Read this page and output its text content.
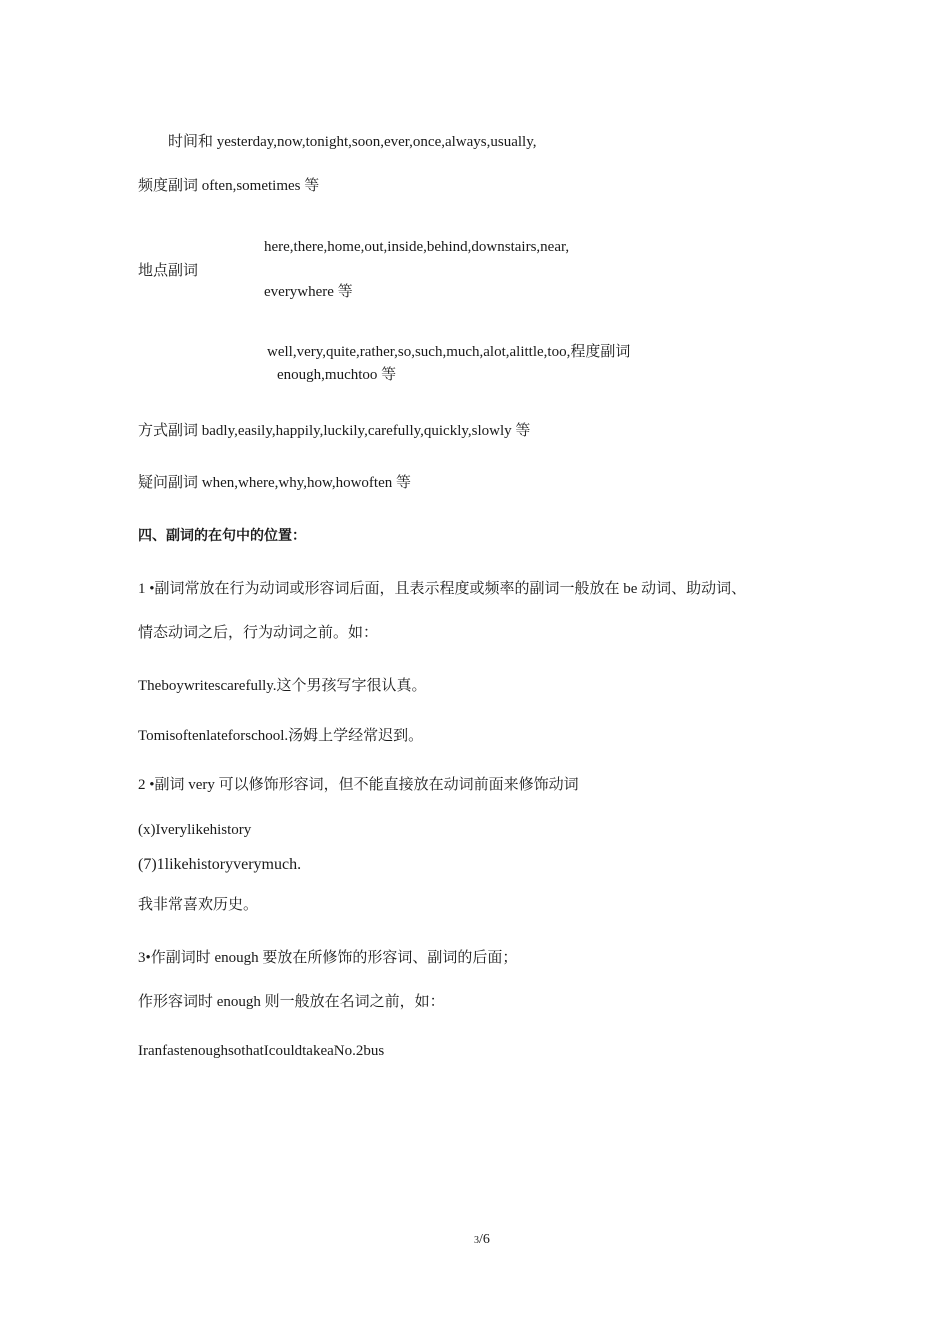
时间和 yesterday,now,tonight,soon,ever,once,always,usually,
频度副词 often,sometimes 等
here,there,home,out,inside,behind,downstairs,near,
地点副词
everywhere 等
well,very,quite,rather,so,such,much,alot,alittle,too,程度副词
enough,muchtoo 等
方式副词 badly,easily,happily,luckily,carefully,quickly,slowly 等
疑问副词 when,where,why,how,howoften 等
四、副词的在句中的位置：
1 •副词常放在行为动词或形容词后面，且表示程度或频率的副词一般放在 be 动词、助动词、
情态动词之后，行为动词之前。如：
Theboywritescarefully.这个男孩写字很认真。
Tomisoftenlateforschool.汤姆上学经常迟到。
2 •副词 very 可以修饰形容词，但不能直接放在动词前面来修饰动词
(x)Iverylikehistory
(7)1likehistoryverymuch.
我非常喜欢历史。
3•作副词时 enough 要放在所修饰的形容词、副词的后面；
作形容词时 enough 则一般放在名词之前，如：
IranfastenoughsothatIcouldtakeaNo.2bus
3/6
